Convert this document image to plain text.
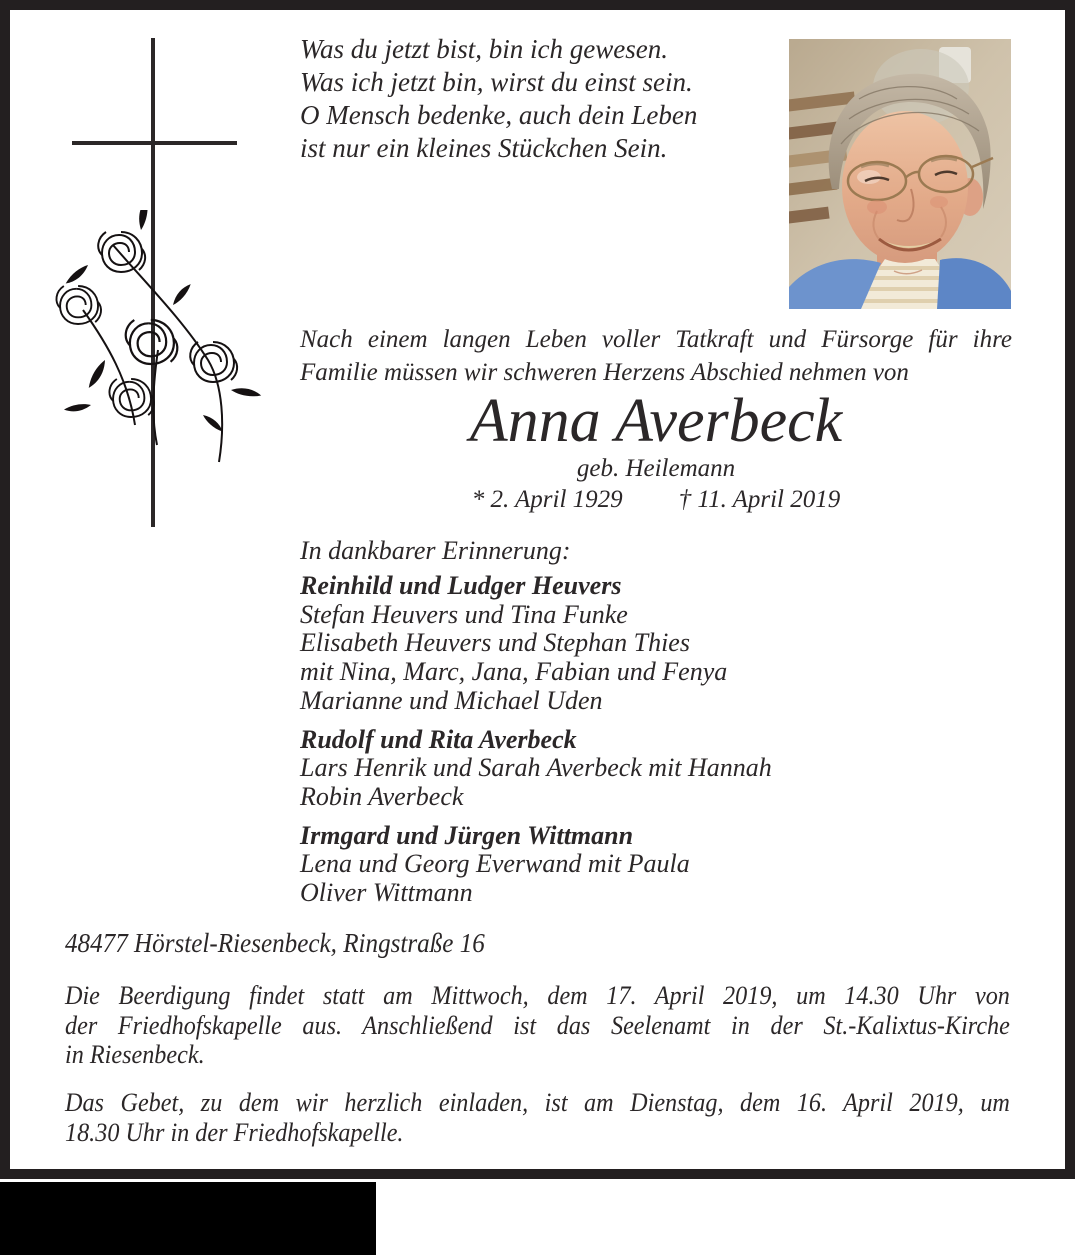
Was du jetzt bist, bin ich gewesen.
Was ich jetzt bin, wirst du einst sein.
O Mensch bedenke, auch dein Leben
ist nur ein kleines Stückchen Sein.
Nach einem langen Leben voller Tatkraft und Fürsorge für ihre
Familie müssen wir schweren Herzens Abschied nehmen von
Anna Averbeck
geb. Heilemann
* 2. April 1929 † 11. April 2019
In dankbarer Erinnerung:
Reinhild und Ludger Heuvers
Stefan Heuvers und Tina Funke
Elisabeth Heuvers und Stephan Thies
mit Nina, Marc, Jana, Fabian und Fenya
Marianne und Michael Uden
Rudolf und Rita Averbeck
Lars Henrik und Sarah Averbeck mit Hannah
Robin Averbeck
Irmgard und Jürgen Wittmann
Lena und Georg Everwand mit Paula
Oliver Wittmann
48477 Hörstel-Riesenbeck, Ringstraße 16
Die Beerdigung findet statt am Mittwoch, dem 17. April 2019, um 14.30 Uhr von
der Friedhofskapelle aus. Anschließend ist das Seelenamt in der St.-Kalixtus-Kirche
in Riesenbeck.
Das Gebet, zu dem wir herzlich einladen, ist am Dienstag, dem 16. April 2019, um
18.30 Uhr in der Friedhofskapelle.
